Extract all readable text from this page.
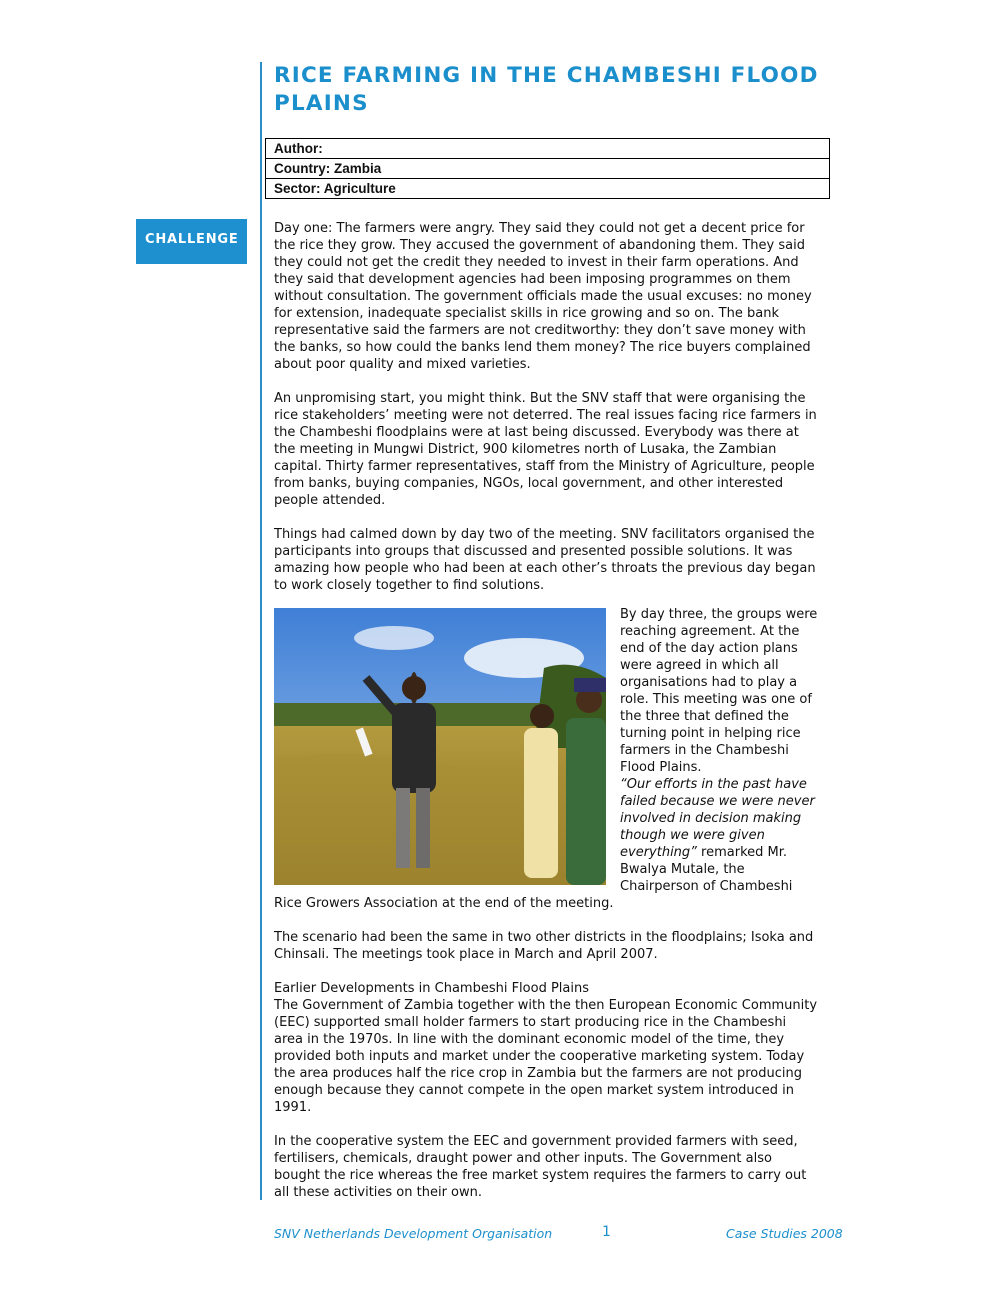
RICE FARMING IN THE CHAMBESHI FLOOD PLAINS
Author:
Country: Zambia
Sector: Agriculture
CHALLENGE

Day one: The farmers were angry. They said they could not get a decent price for the rice they grow. They accused the government of abandoning them. They said they could not get the credit they needed to invest in their farm operations. And they said that development agencies had been imposing programmes on them without consultation. The government officials made the usual excuses: no money for extension, inadequate specialist skills in rice growing and so on. The bank representative said the farmers are not creditworthy: they don’t save money with the banks, so how could the banks lend them money? The rice buyers complained about poor quality and mixed varieties.

An unpromising start, you might think. But the SNV staff that were organising the rice stakeholders’ meeting were not deterred. The real issues facing rice farmers in the Chambeshi floodplains were at last being discussed. Everybody was there at the meeting in Mungwi District, 900 kilometres north of Lusaka, the Zambian capital. Thirty farmer representatives, staff from the Ministry of Agriculture, people from banks, buying companies, NGOs, local government, and other interested people attended.

Things had calmed down by day two of the meeting. SNV facilitators organised the participants into groups that discussed and presented possible solutions. It was amazing how people who had been at each other’s throats the previous day began to work closely together to find solutions.

By day three, the groups were reaching agreement. At the end of the day action plans were agreed in which all organisations had to play a role. This meeting was one of the three that defined the turning point in helping rice farmers in the Chambeshi Flood Plains.
“Our efforts in the past have failed because we were never involved in decision making though we were given everything” remarked Mr. Bwalya Mutale, the Chairperson of Chambeshi Rice Growers Association at the end of the meeting.

The scenario had been the same in two other districts in the floodplains; Isoka and Chinsali. The meetings took place in March and April 2007.

Earlier Developments in Chambeshi Flood Plains

The Government of Zambia together with the then European Economic Community (EEC) supported small holder farmers to start producing rice in the Chambeshi area in the 1970s. In line with the dominant economic model of the time, they provided both inputs and market under the cooperative marketing system. Today the area produces half the rice crop in Zambia but the farmers are not producing enough because they cannot compete in the open market system introduced in 1991.

In the cooperative system the EEC and government provided farmers with seed, fertilisers, chemicals, draught power and other inputs. The Government also bought the rice whereas the free market system requires the farmers to carry out all these activities on their own.

SNV Netherlands Development Organisation	1	Case Studies 2008
